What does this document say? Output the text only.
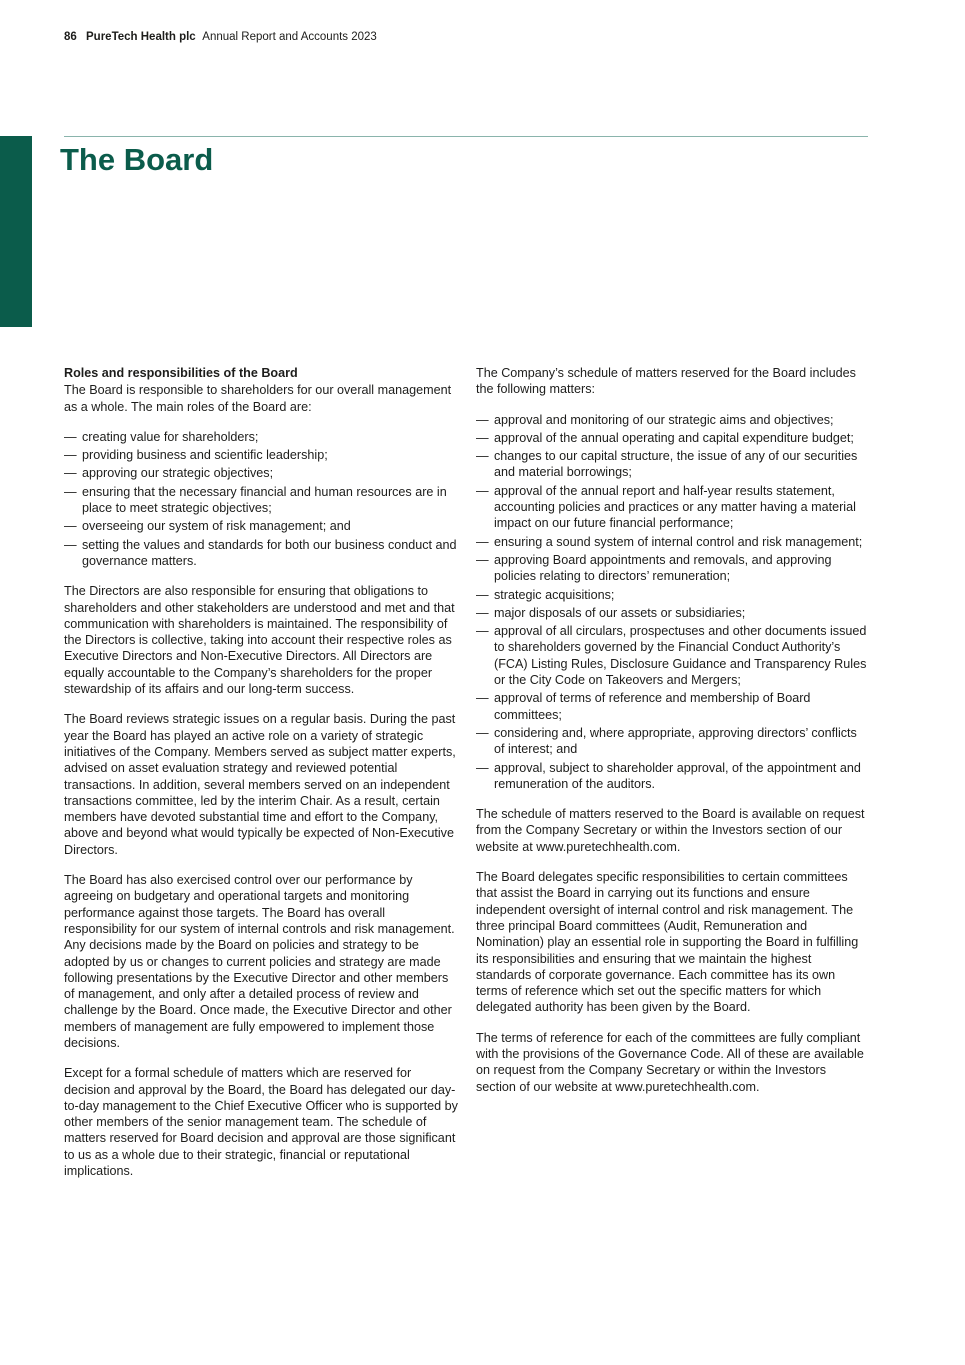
86 PureTech Health plc Annual Report and Accounts 2023
Governance
The Board
Roles and responsibilities of the Board

The Board is responsible to shareholders for our overall management as a whole. The main roles of the Board are:

— creating value for shareholders;
— providing business and scientific leadership;
— approving our strategic objectives;
— ensuring that the necessary financial and human resources are in place to meet strategic objectives;
— overseeing our system of risk management; and
— setting the values and standards for both our business conduct and governance matters.

The Directors are also responsible for ensuring that obligations to shareholders and other stakeholders are understood and met and that communication with shareholders is maintained. The responsibility of the Directors is collective, taking into account their respective roles as Executive Directors and Non-Executive Directors. All Directors are equally accountable to the Company’s shareholders for the proper stewardship of its affairs and our long-term success.

The Board reviews strategic issues on a regular basis. During the past year the Board has played an active role on a variety of strategic initiatives of the Company. Members served as subject matter experts, advised on asset evaluation strategy and reviewed potential transactions. In addition, several members served on an independent transactions committee, led by the interim Chair. As a result, certain members have devoted substantial time and effort to the Company, above and beyond what would typically be expected of Non-Executive Directors.

The Board has also exercised control over our performance by agreeing on budgetary and operational targets and monitoring performance against those targets. The Board has overall responsibility for our system of internal controls and risk management. Any decisions made by the Board on policies and strategy to be adopted by us or changes to current policies and strategy are made following presentations by the Executive Director and other members of management, and only after a detailed process of review and challenge by the Board. Once made, the Executive Director and other members of management are fully empowered to implement those decisions.

Except for a formal schedule of matters which are reserved for decision and approval by the Board, the Board has delegated our day-to-day management to the Chief Executive Officer who is supported by other members of the senior management team. The schedule of matters reserved for Board decision and approval are those significant to us as a whole due to their strategic, financial or reputational implications.

The Company’s schedule of matters reserved for the Board includes the following matters:

— approval and monitoring of our strategic aims and objectives;
— approval of the annual operating and capital expenditure budget;
— changes to our capital structure, the issue of any of our securities and material borrowings;
— approval of the annual report and half-year results statement, accounting policies and practices or any matter having a material impact on our future financial performance;
— ensuring a sound system of internal control and risk management;
— approving Board appointments and removals, and approving policies relating to directors’ remuneration;
— strategic acquisitions;
— major disposals of our assets or subsidiaries;
— approval of all circulars, prospectuses and other documents issued to shareholders governed by the Financial Conduct Authority’s (FCA) Listing Rules, Disclosure Guidance and Transparency Rules or the City Code on Takeovers and Mergers;
— approval of terms of reference and membership of Board committees;
— considering and, where appropriate, approving directors’ conflicts of interest; and
— approval, subject to shareholder approval, of the appointment and remuneration of the auditors.

The schedule of matters reserved to the Board is available on request from the Company Secretary or within the Investors section of our website at www.puretechhealth.com.

The Board delegates specific responsibilities to certain committees that assist the Board in carrying out its functions and ensure independent oversight of internal control and risk management. The three principal Board committees (Audit, Remuneration and Nomination) play an essential role in supporting the Board in fulfilling its responsibilities and ensuring that we maintain the highest standards of corporate governance. Each committee has its own terms of reference which set out the specific matters for which delegated authority has been given by the Board.

The terms of reference for each of the committees are fully compliant with the provisions of the Governance Code. All of these are available on request from the Company Secretary or within the Investors section of our website at www.puretechhealth.com.
